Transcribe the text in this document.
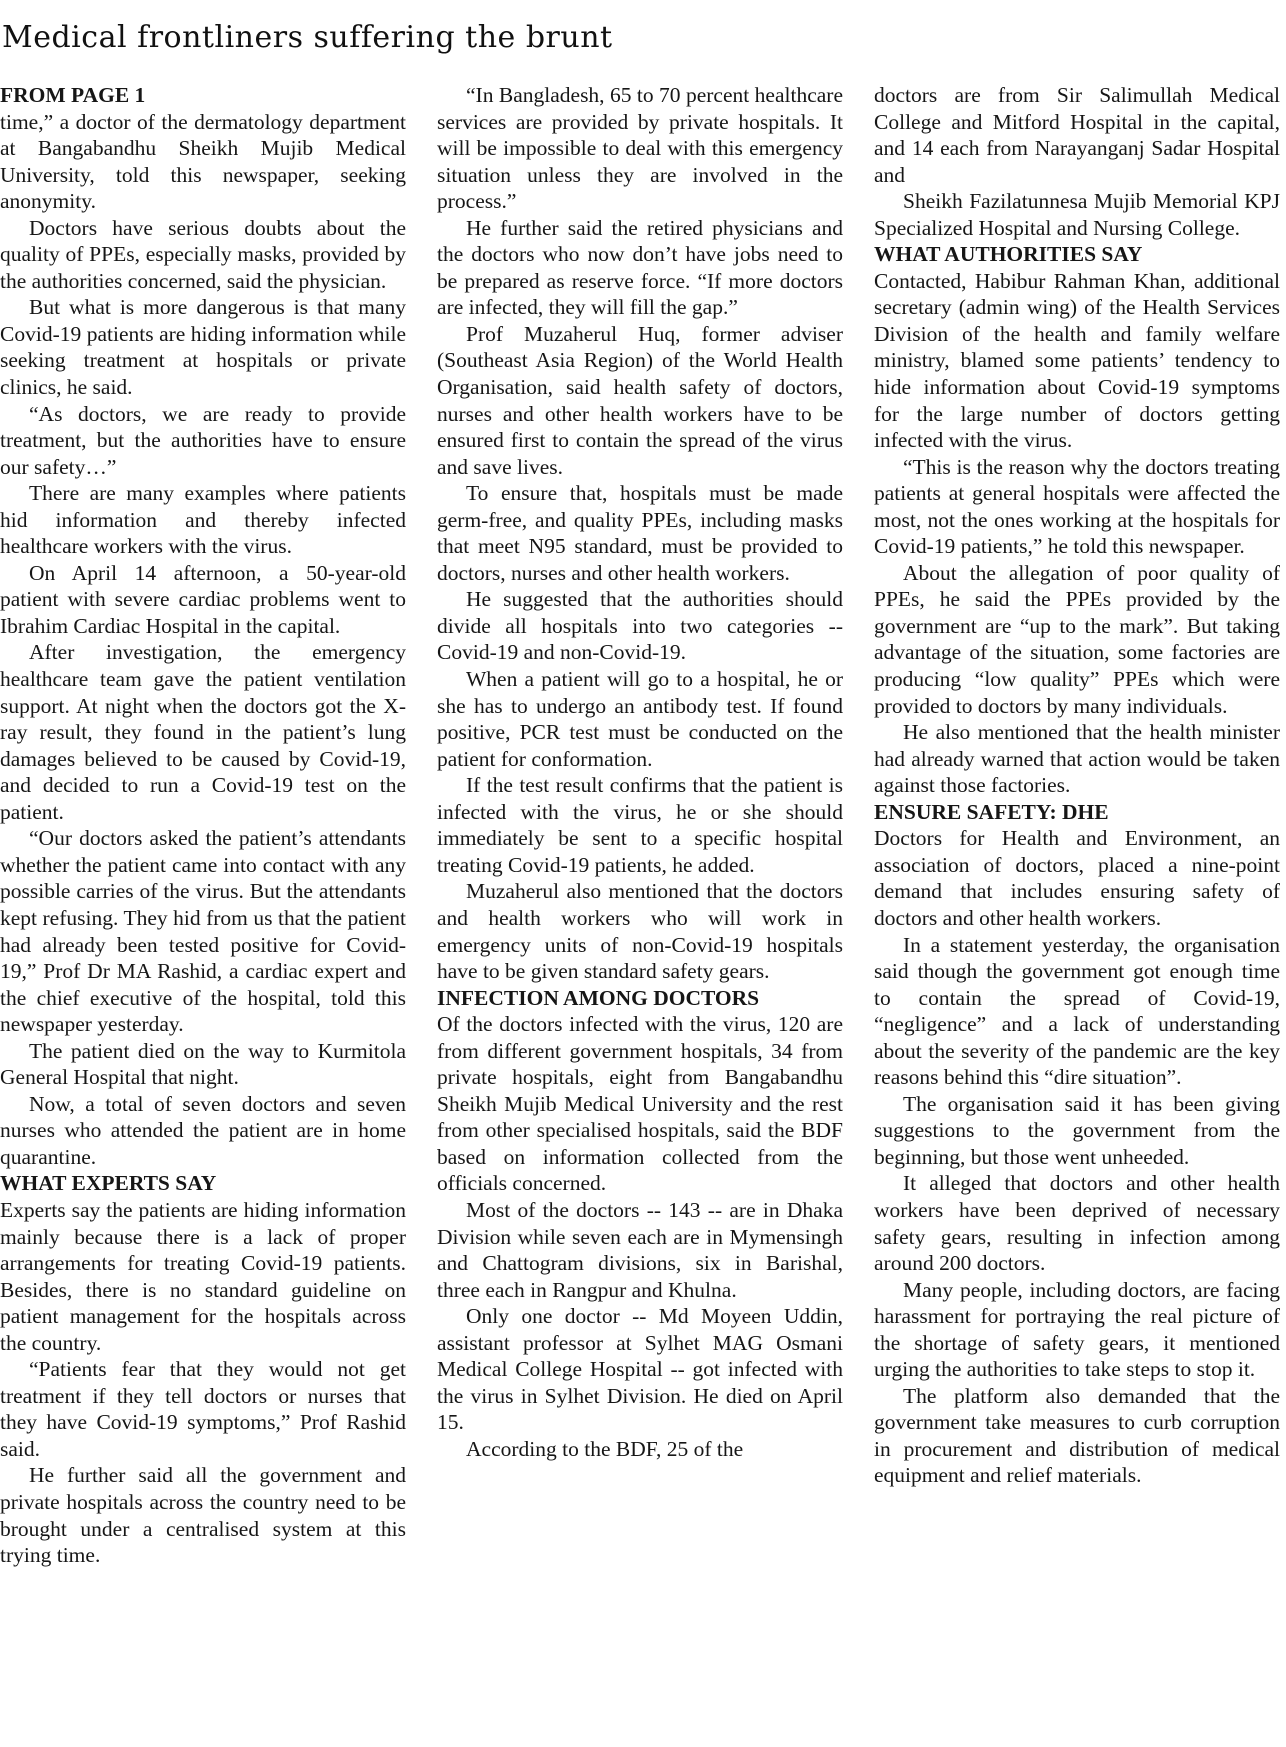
Medical frontliners suffering the brunt
FROM PAGE 1

time,” a doctor of the dermatology department at Bangabandhu Sheikh Mujib Medical University, told this newspaper, seeking anonymity.

Doctors have serious doubts about the quality of PPEs, especially masks, provided by the authorities concerned, said the physician.

But what is more dangerous is that many Covid-19 patients are hiding information while seeking treatment at hospitals or private clinics, he said.

“As doctors, we are ready to provide treatment, but the authorities have to ensure our safety…”

There are many examples where patients hid information and thereby infected healthcare workers with the virus.

On April 14 afternoon, a 50-year-old patient with severe cardiac problems went to Ibrahim Cardiac Hospital in the capital.

After investigation, the emergency healthcare team gave the patient ventilation support. At night when the doctors got the X-ray result, they found in the patient’s lung damages believed to be caused by Covid-19, and decided to run a Covid-19 test on the patient.

“Our doctors asked the patient’s attendants whether the patient came into contact with any possible carries of the virus. But the attendants kept refusing. They hid from us that the patient had already been tested positive for Covid-19,” Prof Dr MA Rashid, a cardiac expert and the chief executive of the hospital, told this newspaper yesterday.

The patient died on the way to Kurmitola General Hospital that night.

Now, a total of seven doctors and seven nurses who attended the patient are in home quarantine.

WHAT EXPERTS SAY

Experts say the patients are hiding information mainly because there is a lack of proper arrangements for treating Covid-19 patients. Besides, there is no standard guideline on patient management for the hospitals across the country.

“Patients fear that they would not get treatment if they tell doctors or nurses that they have Covid-19 symptoms,” Prof Rashid said.

He further said all the government and private hospitals across the country need to be brought under a centralised system at this trying time.

“In Bangladesh, 65 to 70 percent healthcare services are provided by private hospitals. It will be impossible to deal with this emergency situation unless they are involved in the process.”

He further said the retired physicians and the doctors who now don’t have jobs need to be prepared as reserve force. “If more doctors are infected, they will fill the gap.”

Prof Muzaherul Huq, former adviser (Southeast Asia Region) of the World Health Organisation, said health safety of doctors, nurses and other health workers have to be ensured first to contain the spread of the virus and save lives.

To ensure that, hospitals must be made germ-free, and quality PPEs, including masks that meet N95 standard, must be provided to doctors, nurses and other health workers.

He suggested that the authorities should divide all hospitals into two categories -- Covid-19 and non-Covid-19.

When a patient will go to a hospital, he or she has to undergo an antibody test. If found positive, PCR test must be conducted on the patient for conformation.

If the test result confirms that the patient is infected with the virus, he or she should immediately be sent to a specific hospital treating Covid-19 patients, he added.

Muzaherul also mentioned that the doctors and health workers who will work in emergency units of non-Covid-19 hospitals have to be given standard safety gears.

INFECTION AMONG DOCTORS

Of the doctors infected with the virus, 120 are from different government hospitals, 34 from private hospitals, eight from Bangabandhu Sheikh Mujib Medical University and the rest from other specialised hospitals, said the BDF based on information collected from the officials concerned.

Most of the doctors -- 143 -- are in Dhaka Division while seven each are in Mymensingh and Chattogram divisions, six in Barishal, three each in Rangpur and Khulna.

Only one doctor -- Md Moyeen Uddin, assistant professor at Sylhet MAG Osmani Medical College Hospital -- got infected with the virus in Sylhet Division. He died on April 15.

According to the BDF, 25 of the

doctors are from Sir Salimullah Medical College and Mitford Hospital in the capital, and 14 each from Narayanganj Sadar Hospital and

Sheikh Fazilatunnesa Mujib Memorial KPJ Specialized Hospital and Nursing College.

WHAT AUTHORITIES SAY

Contacted, Habibur Rahman Khan, additional secretary (admin wing) of the Health Services Division of the health and family welfare ministry, blamed some patients’ tendency to hide information about Covid-19 symptoms for the large number of doctors getting infected with the virus.

“This is the reason why the doctors treating patients at general hospitals were affected the most, not the ones working at the hospitals for Covid-19 patients,” he told this newspaper.

About the allegation of poor quality of PPEs, he said the PPEs provided by the government are “up to the mark”. But taking advantage of the situation, some factories are producing “low quality” PPEs which were provided to doctors by many individuals.

He also mentioned that the health minister had already warned that action would be taken against those factories.

ENSURE SAFETY: DHE

Doctors for Health and Environment, an association of doctors, placed a nine-point demand that includes ensuring safety of doctors and other health workers.

In a statement yesterday, the organisation said though the government got enough time to contain the spread of Covid-19, “negligence” and a lack of understanding about the severity of the pandemic are the key reasons behind this “dire situation”.

The organisation said it has been giving suggestions to the government from the beginning, but those went unheeded.

It alleged that doctors and other health workers have been deprived of necessary safety gears, resulting in infection among around 200 doctors.

Many people, including doctors, are facing harassment for portraying the real picture of the shortage of safety gears, it mentioned urging the authorities to take steps to stop it.

The platform also demanded that the government take measures to curb corruption in procurement and distribution of medical equipment and relief materials.
